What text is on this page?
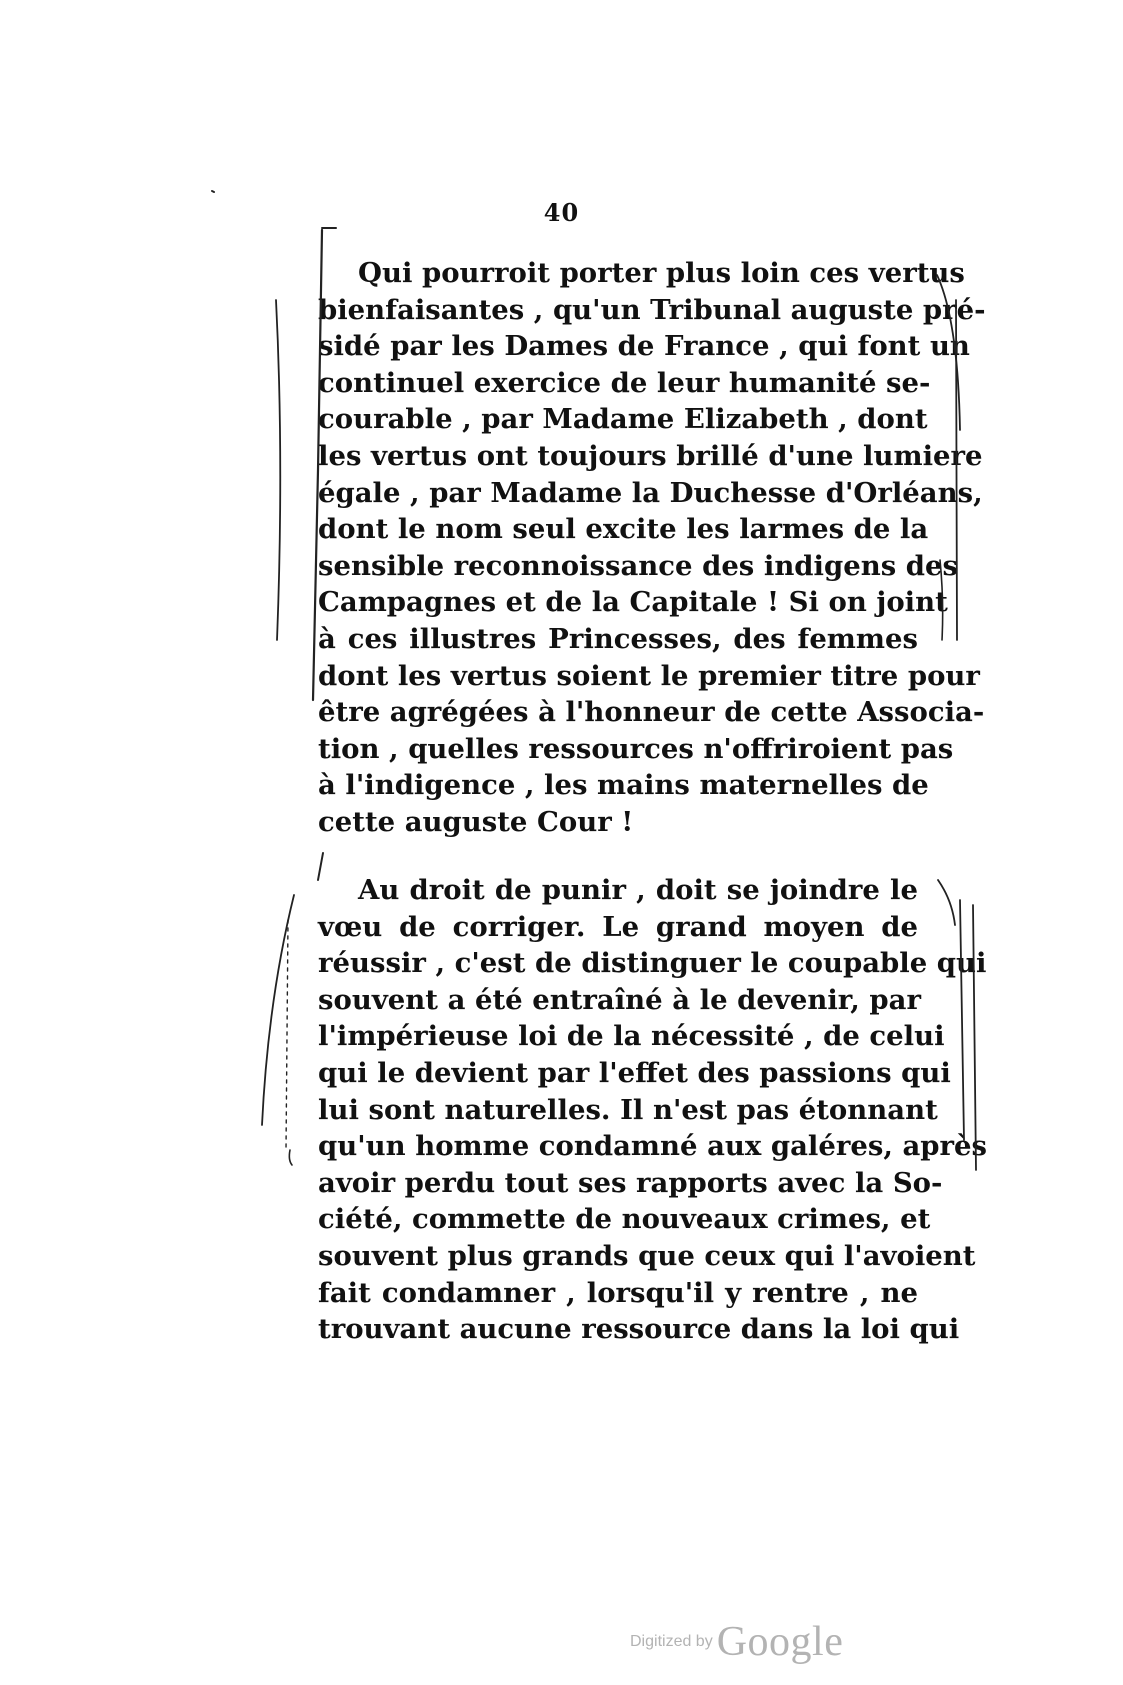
40
Qui pourroit porter plus loin ces vertus
bienfaisantes , qu'un Tribunal auguste pré-
sidé par les Dames de France , qui font un
continuel exercice de leur humanité se-
courable , par Madame Elizabeth , dont
les vertus ont toujours brillé d'une lumiere
égale , par Madame la Duchesse d'Orléans,
dont le nom seul excite les larmes de la
sensible reconnoissance des indigens des
Campagnes et de la Capitale ! Si on joint
à ces illustres Princesses, des femmes
dont les vertus soient le premier titre pour
être agrégées à l'honneur de cette Associa-
tion , quelles ressources n'offriroient pas
à l'indigence , les mains maternelles de
cette auguste Cour !
Au droit de punir , doit se joindre le
vœu de corriger. Le grand moyen de
réussir , c'est de distinguer le coupable qui
souvent a été entraîné à le devenir, par
l'impérieuse loi de la nécessité , de celui
qui le devient par l'effet des passions qui
lui sont naturelles. Il n'est pas étonnant
qu'un homme condamné aux galéres, après
avoir perdu tout ses rapports avec la So-
ciété, commette de nouveaux crimes, et
souvent plus grands que ceux qui l'avoient
fait condamner , lorsqu'il y rentre , ne
trouvant aucune ressource dans la loi qui
Digitized by Google
